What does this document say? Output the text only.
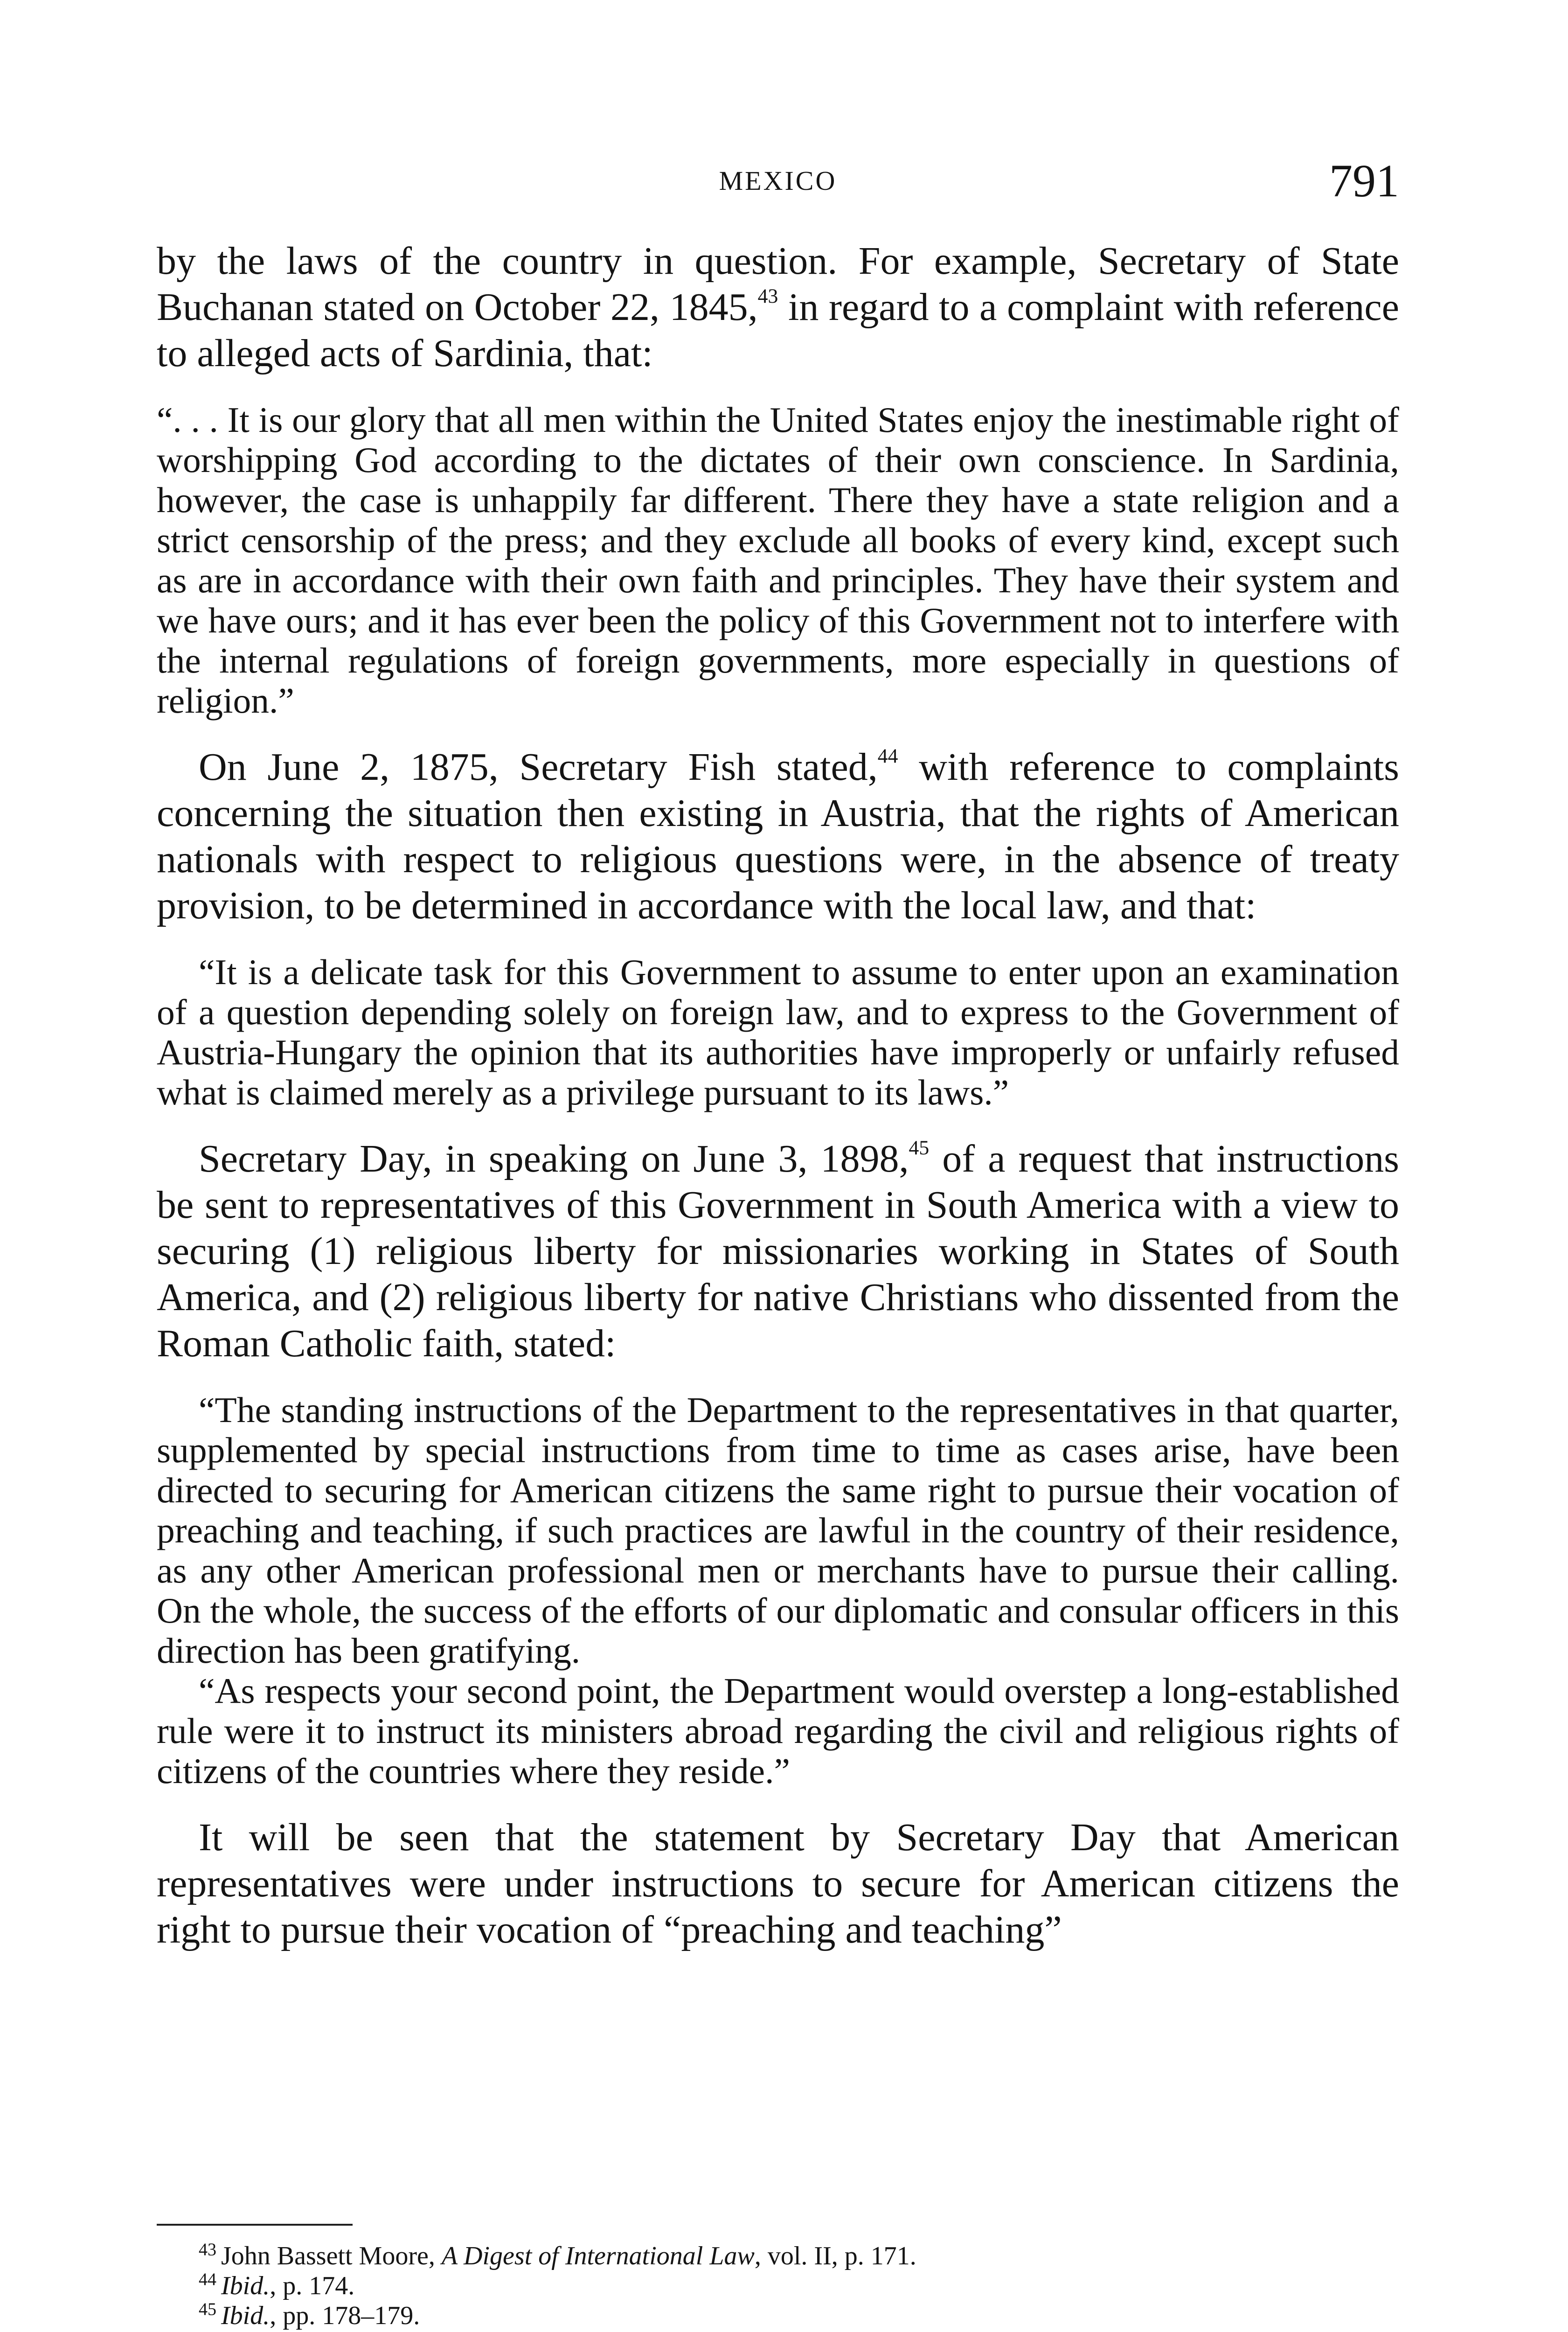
MEXICO	791

by the laws of the country in question. For example, Secretary of State Buchanan stated on October 22, 1845,43 in regard to a complaint with reference to alleged acts of Sardinia, that:

“. . . It is our glory that all men within the United States enjoy the inestimable right of worshipping God according to the dictates of their own conscience. In Sardinia, however, the case is unhappily far different. There they have a state religion and a strict censorship of the press; and they exclude all books of every kind, except such as are in accordance with their own faith and principles. They have their system and we have ours; and it has ever been the policy of this Government not to interfere with the internal regulations of foreign governments, more especially in questions of religion.”

On June 2, 1875, Secretary Fish stated,$^{44}$ with reference to complaints concerning the situation then existing in Austria, that the rights of American nationals with respect to religious questions were, in the absence of treaty provision, to be determined in accordance with the local law, and that:

“It is a delicate task for this Government to assume to enter upon an examination of a question depending solely on foreign law, and to express to the Government of Austria-Hungary the opinion that its authorities have improperly or unfairly refused what is claimed merely as a privilege pursuant to its laws.”

Secretary Day, in speaking on June 3, 1898,45 of a request that instructions be sent to representatives of this Government in South America with a view to securing (1) religious liberty for missionaries working in States of South America, and (2) religious liberty for native Christians who dissented from the Roman Catholic faith, stated:

“The standing instructions of the Department to the representatives in that quarter, supplemented by special instructions from time to time as cases arise, have been directed to securing for American citizens the same right to pursue their vocation of preaching and teaching, if such practices are lawful in the country of their residence, as any other American professional men or merchants have to pursue their calling. On the whole, the success of the efforts of our diplomatic and consular officers in this direction has been gratifying.

“As respects your second point, the Department would overstep a long-established rule were it to instruct its ministers abroad regarding the civil and religious rights of citizens of the countries where they reside.”

It will be seen that the statement by Secretary Day that American representatives were under instructions to secure for American citizens the right to pursue their vocation of “preaching and teaching”

$^{43}$ John Bassett Moore, A Digest of International Law, vol. II, p. 171.

$^{44}$ Ibid., p. 174.

$^{45}$ Ibid., pp. 178–179.
